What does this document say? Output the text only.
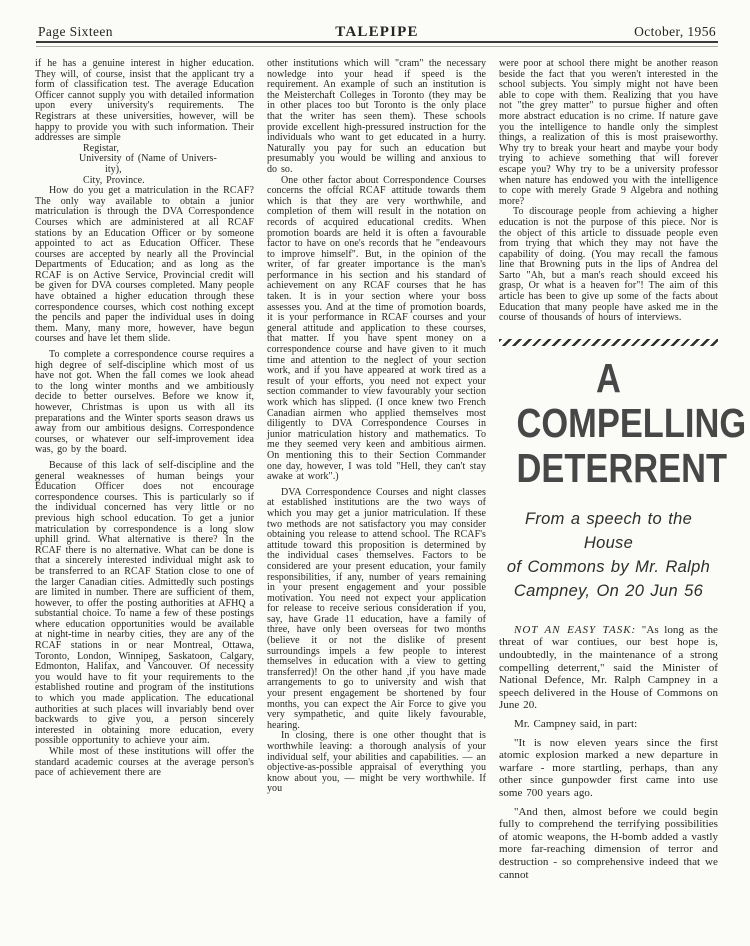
Page Sixteen	TALEPIPE	October, 1956

if he has a genuine interest in higher education. They will, of course, insist that the applicant try a form of classification test. The average Education Officer cannot supply you with detailed information upon every university's requirements. The Registrars at these universities, however, will be happy to provide you with such information. Their addresses are simple

Registar,
University of (Name of Univers-
ity),
City, Province.

How do you get a matriculation in the RCAF? The only way available to obtain a junior matriculation is through the DVA Correspondence Courses which are administered at all RCAF stations by an Education Officer or by someone appointed to act as Education Officer. These courses are accepted by nearly all the Provincial Departments of Education; and as long as the RCAF is on Active Service, Provincial credit will be given for DVA courses completed. Many people have obtained a higher education through these correspondence courses, which cost nothing except the pencils and paper the individual uses in doing them. Many, many more, however, have begun courses and have let them slide.

To complete a correspondence course requires a high degree of self-discipline which most of us have not got. When the fall comes we look ahead to the long winter months and we ambitiously decide to better ourselves. Before we know it, however, Christmas is upon us with all its preparations and the Winter sports season draws us away from our ambitious designs. Correspondence courses, or whatever our self-improvement idea was, go by the board.

Because of this lack of self-discipline and the general weaknesses of human beings your Education Officer does not encourage correspondence courses. This is particularly so if the individual concerned has very little or no previous high school education. To get a junior matriculation by correspondence is a long slow uphill grind. What alternative is there? In the RCAF there is no alternative. What can be done is that a sincerely interested individual might ask to be transferred to an RCAF Station close to one of the larger Canadian cities. Admittedly such postings are limited in number. There are sufficient of them, however, to offer the posting authorities at AFHQ a substantial choice. To name a few of these postings where education opportunities would be available at night-time in nearby cities, they are any of the RCAF stations in or near Montreal, Ottawa, Toronto, London, Winnipeg, Saskatoon, Calgary, Edmonton, Halifax, and Vancouver. Of necessity you would have to fit your requirements to the established routine and program of the institutions to which you made application. The educational authorities at such places will invariably bend over backwards to give you, a person sincerely interested in obtaining more education, every possible opportunity to achieve your aim.

While most of these institutions will offer the standard academic courses at the average person's pace of achievement there are

other institutions which will "cram" the necessary nowledge into your head if speed is the requirement. An example of such an institution is the Meisterchaft Colleges in Toronto (they may be in other places too but Toronto is the only place that the writer has seen them). These schools provide excellent high-pressured instruction for the individuals who want to get educated in a hurry. Naturally you pay for such an education but presumably you would be willing and anxious to do so.

One other factor about Correspondence Courses concerns the offcial RCAF attitude towards them which is that they are very worthwhile, and completion of them will result in the notation on records of acquired educational credits. When promotion boards are held it is often a favourable factor to have on one's records that he "endeavours to improve himself". But, in the opinion of the writer, of far greater importance is the man's performance in his section and his standard of achievement on any RCAF courses that he has taken. It is in your section where your boss assesses you. And at the time of promotion boards, it is your performance in RCAF courses and your general attitude and application to these courses, that matter. If you have spent money on a correspondence course and have given to it much time and attention to the neglect of your section work, and if you have appeared at work tired as a result of your efforts, you need not expect your section commander to view favourably your section work which has slipped. (I once knew two French Canadian airmen who applied themselves most diligently to DVA Correspondence Courses in junior matriculation history and mathematics. To me they seemed very keen and ambitious airmen. On mentioning this to their Section Commander one day, however, I was told "Hell, they can't stay awake at work".)

DVA Correspondence Courses and night classes at established institutions are the two ways of which you may get a junior matriculation. If these two methods are not satisfactory you may consider obtaining you release to attend school. The RCAF's attitude toward this proposition is determined by the individual cases themselves. Factors to be considered are your present education, your family responsibilities, if any, number of years remaining in your present engagement and your possible motivation. You need not expect your application for release to receive serious consideration if you, say, have Grade 11 education, have a family of three, have only been overseas for two months (believe it or not the dislike of present surroundings impels a few people to interest themselves in education with a view to getting transferred)! On the other hand ,if you have made arrangements to go to university and wish that your present engagement be shortened by four months, you can expect the Air Force to give you very sympathetic, and quite likely favourable, hearing.

In closing, there is one other thought that is worthwhile leaving: a thorough analysis of your individual self, your abilities and capabilities. — an objective-as-possible appraisal of everything you know about you, — might be very worthwhile. If you

were poor at school there might be another reason beside the fact that you weren't interested in the school subjects. You simply might not have been able to cope with them. Realizing that you have not "the grey matter" to pursue higher and often more abstract education is no crime. If nature gave you the intelligence to handle only the simplest things, a realization of this is most praiseworthy. Why try to break your heart and maybe your body trying to achieve something that will forever escape you? Why try to be a university professor when nature has endowed you with the intelligence to cope with merely Grade 9 Algebra and nothing more?

To discourage people from achieving a higher education is not the purpose of this piece. Nor is the object of this article to dissuade people even from trying that which they may not have the capability of doing. (You may recall the famous line that Browning puts in the lips of Andrea del Sarto "Ah, but a man's reach should exceed his grasp, Or what is a heaven for"! The aim of this article has been to give up some of the facts about Education that many people have asked me in the course of thousands of hours of interviews.

A
COMPELLING
DETERRENT
From a speech to the House
of Commons by Mr. Ralph
Campney, On 20 Jun 56

NOT AN EASY TASK: "As long as the threat of war contiues, our best hope is, undoubtedly, in the maintenance of a strong compelling deterrent," said the Minister of National Defence, Mr. Ralph Campney in a speech delivered in the House of Commons on June 20.

Mr. Campney said, in part:

"It is now eleven years since the first atomic explosion marked a new departure in warfare - more startling, perhaps, than any other since gunpowder first came into use some 700 years ago.

"And then, almost before we could begin fully to comprehend the terrifying possibilities of atomic weapons, the H-bomb added a vastly more far-reaching dimension of terror and destruction - so comprehensive indeed that we cannot
